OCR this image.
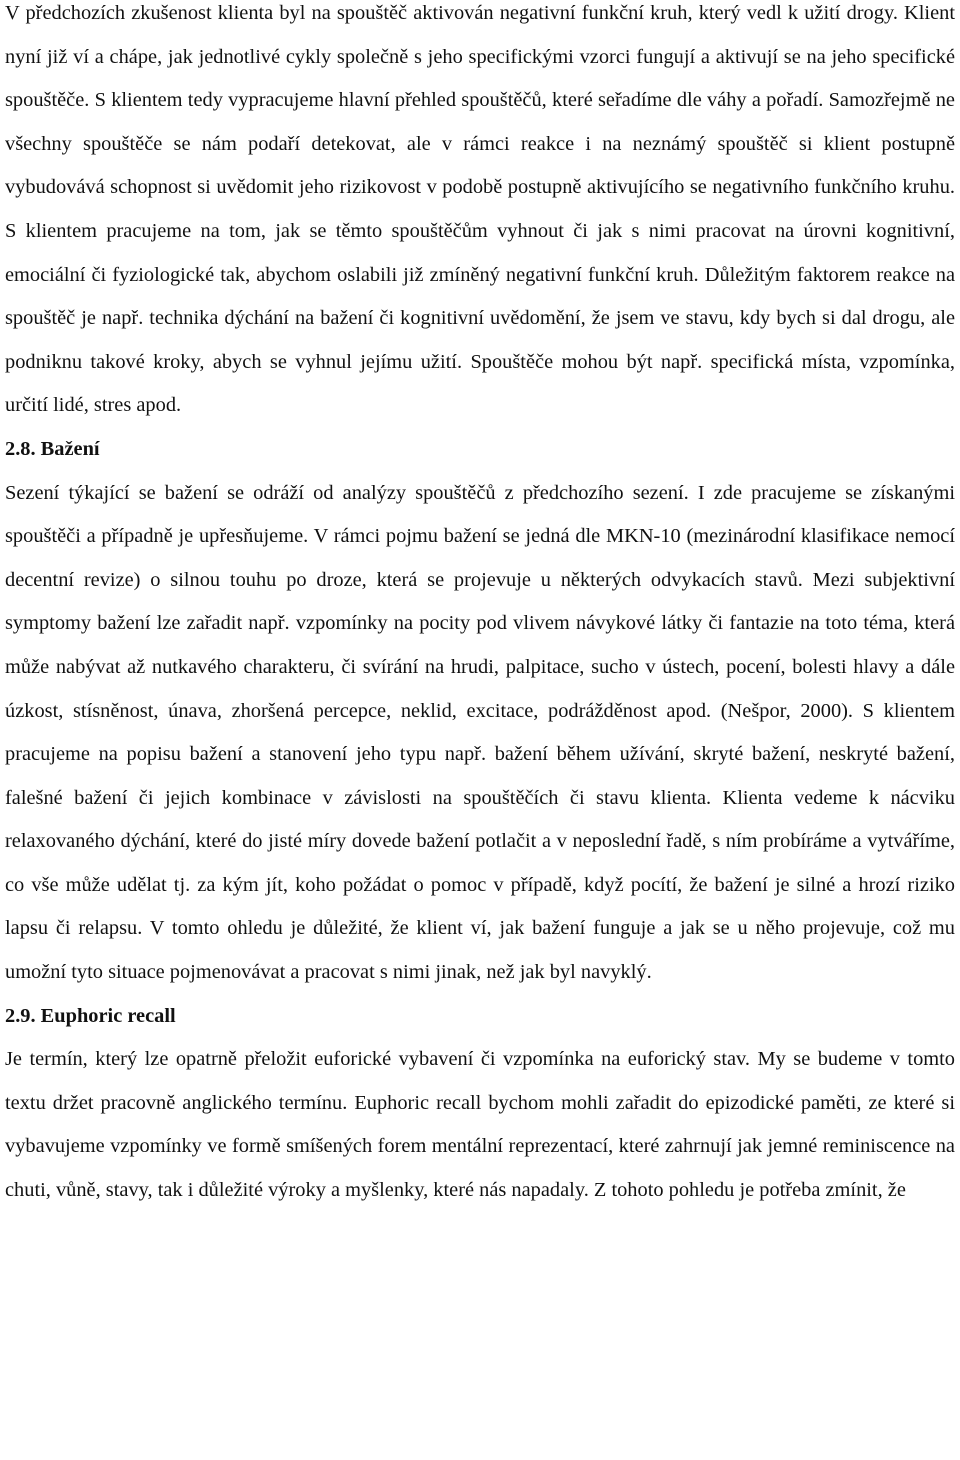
V předchozích zkušenost klienta byl na spouštěč aktivován negativní funkční kruh, který vedl k užití drogy. Klient nyní již ví a chápe, jak jednotlivé cykly společně s jeho specifickými vzorci fungují a aktivují se na jeho specifické spouštěče. S klientem tedy vypracujeme hlavní přehled spouštěčů, které seřadíme dle váhy a pořadí. Samozřejmě ne všechny spouštěče se nám podaří detekovat, ale v rámci reakce i na neznámý spouštěč si klient postupně vybudovává schopnost si uvědomit jeho rizikovost v podobě postupně aktivujícího se negativního funkčního kruhu. S klientem pracujeme na tom, jak se těmto spouštěčům vyhnout či jak s nimi pracovat na úrovni kognitivní, emociální či fyziologické tak, abychom oslabili již zmíněný negativní funkční kruh. Důležitým faktorem reakce na spouštěč je např. technika dýchání na bažení či kognitivní uvědomění, že jsem ve stavu, kdy bych si dal drogu, ale podniknu takové kroky, abych se vyhnul jejímu užití. Spouštěče mohou být např. specifická místa, vzpomínka, určití lidé, stres apod.

2.8. Bažení

Sezení týkající se bažení se odráží od analýzy spouštěčů z předchozího sezení. I zde pracujeme se získanými spouštěči a případně je upřesňujeme. V rámci pojmu bažení se jedná dle MKN-10 (mezinárodní klasifikace nemocí decentní revize) o silnou touhu po droze, která se projevuje u některých odvykacích stavů. Mezi subjektivní symptomy bažení lze zařadit např. vzpomínky na pocity pod vlivem návykové látky či fantazie na toto téma, která může nabývat až nutkavého charakteru, či svírání na hrudi, palpitace, sucho v ústech, pocení, bolesti hlavy a dále úzkost, stísněnost, únava, zhoršená percepce, neklid, excitace, podrážděnost apod. (Nešpor, 2000). S klientem pracujeme na popisu bažení a stanovení jeho typu např. bažení během užívání, skryté bažení, neskryté bažení, falešné bažení či jejich kombinace v závislosti na spouštěčích či stavu klienta. Klienta vedeme k nácviku relaxovaného dýchání, které do jisté míry dovede bažení potlačit a v neposlední řadě, s ním probíráme a vytváříme, co vše může udělat tj. za kým jít, koho požádat o pomoc v případě, když pocítí, že bažení je silné a hrozí riziko lapsu či relapsu. V tomto ohledu je důležité, že klient ví, jak bažení funguje a jak se u něho projevuje, což mu umožní tyto situace pojmenovávat a pracovat s nimi jinak, než jak byl navyklý.

2.9. Euphoric recall

Je termín, který lze opatrně přeložit euforické vybavení či vzpomínka na euforický stav. My se budeme v tomto textu držet pracovně anglického termínu. Euphoric recall bychom mohli zařadit do epizodické paměti, ze které si vybavujeme vzpomínky ve formě smíšených forem mentální reprezentací, které zahrnují jak jemné reminiscence na chuti, vůně, stavy, tak i důležité výroky a myšlenky, které nás napadaly. Z tohoto pohledu je potřeba zmínit, že
